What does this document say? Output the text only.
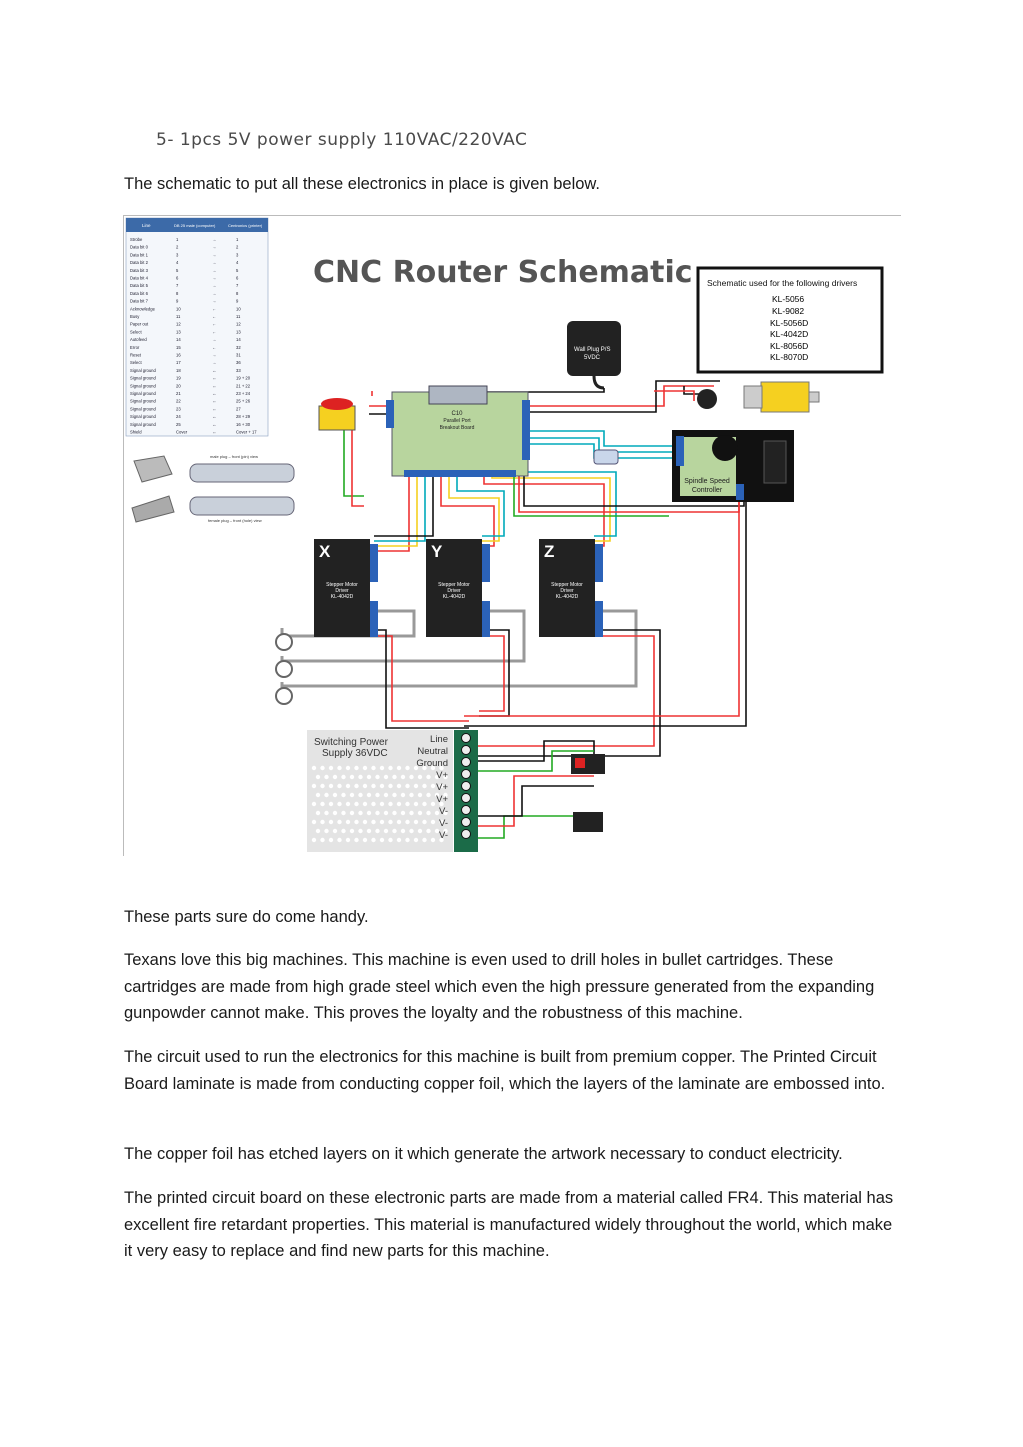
5- 1pcs 5V power supply 110VAC/220VAC

The schematic to put all these electronics in place is given below.

Line	DB 25 male (computer)	Centronics (printer)
Strobe	1	→	1
Data bit 0	2	→	2
Data bit 1	3	→	3
Data bit 2	4	→	4
Data bit 3	5	→	5
Data bit 4	6	→	6
Data bit 5	7	→	7
Data bit 6	8	→	8
Data bit 7	9	→	9
Acknowledge	10	←	10
Busy	11	←	11
Paper out	12	←	12
Select	13	←	13
Autofeed	14	→	14
Error	15	←	32
Reset	16	→	31
Select	17	→	36
Signal ground	18	↔	33
Signal ground	19	↔	19 + 20
Signal ground	20	↔	21 + 22
Signal ground	21	↔	23 + 24
Signal ground	22	↔	25 + 26
Signal ground	23	↔	27
Signal ground	24	↔	28 + 29
Signal ground	25	↔	16 + 30
Shield	Cover	↔	Cover + 17
male plug – front (pin) view
female plug – front (hole) view
CNC Router Schematic Schematic used for the following drivers
KL-5056
KL-9082
KL-5056D
KL-4042D
KL-8056D
KL-8070D
Wall Plug P/S
5VDC
C10
Parallel Port
Breakout Board
Spindle Speed
Controller
X
Stepper Motor
Driver
KL-4042D
Y
Stepper Motor
Driver
KL-4042D
Z
Stepper Motor
Driver
KL-4042D
Switching Power
Supply 36VDC
Line
Neutral
Ground
V+
V+
V+
V-
V-
V-

These parts sure do come handy.

Texans love this big machines. This machine is even used to drill holes in bullet cartridges. These cartridges are made from high grade steel which even the high pressure generated from the expanding gunpowder cannot make. This proves the loyalty and the robustness of this machine.

The circuit used to run the electronics for this machine is built from premium copper. The Printed Circuit Board laminate is made from conducting copper foil, which the layers of the laminate are embossed into.

The copper foil has etched layers on it which generate the artwork necessary to conduct electricity.

The printed circuit board on these electronic parts are made from a material called FR4. This material has excellent fire retardant properties. This material is manufactured widely throughout the world, which make it very easy to replace and find new parts for this machine.
